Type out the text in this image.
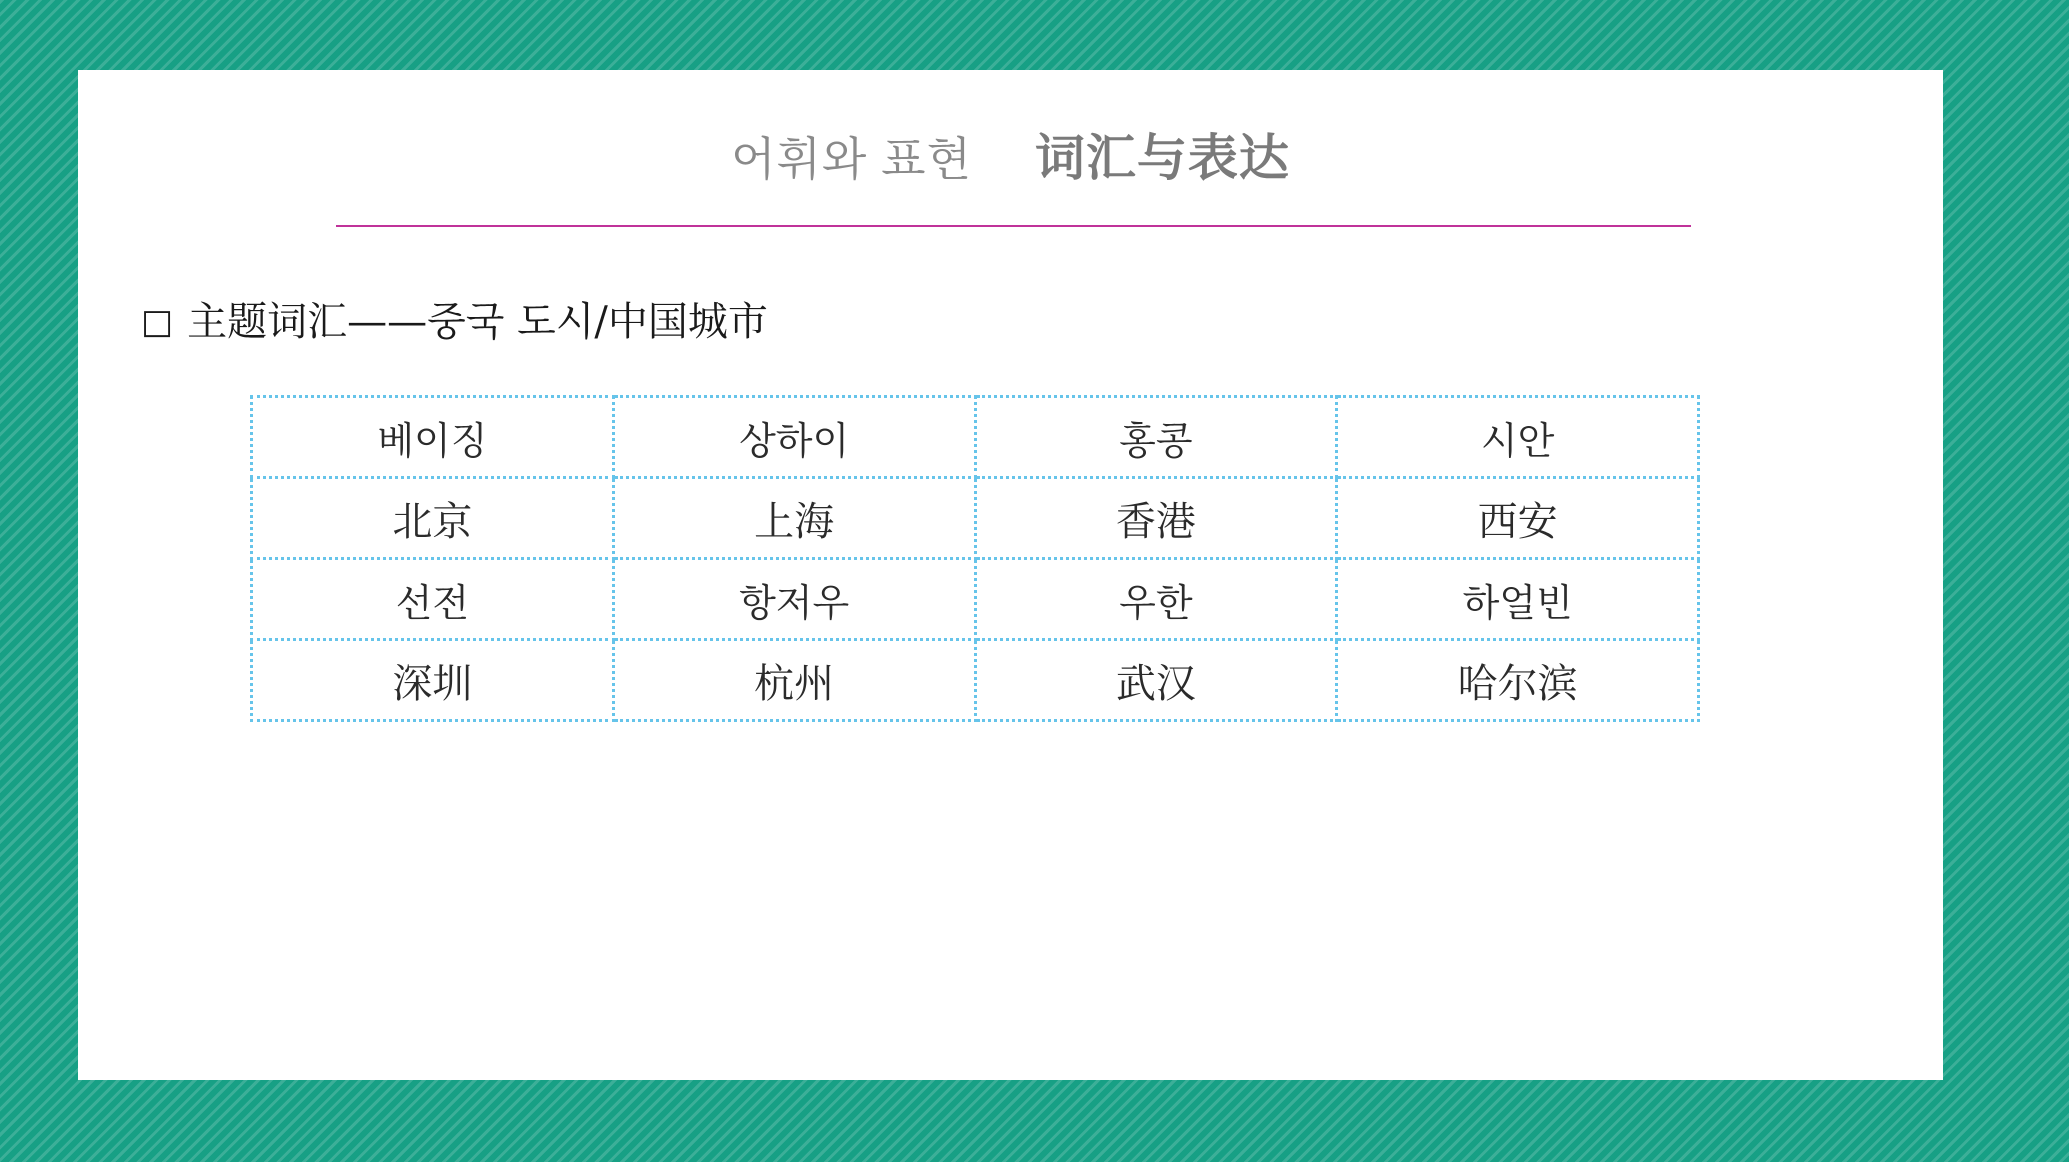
어휘와 표현 词汇与表达
□ 主题词汇——중국 도시/中国城市
베이징	상하이	홍콩	시안
北京	上海	香港	西安
선전	항저우	우한	하얼빈
深圳	杭州	武汉	哈尔滨
